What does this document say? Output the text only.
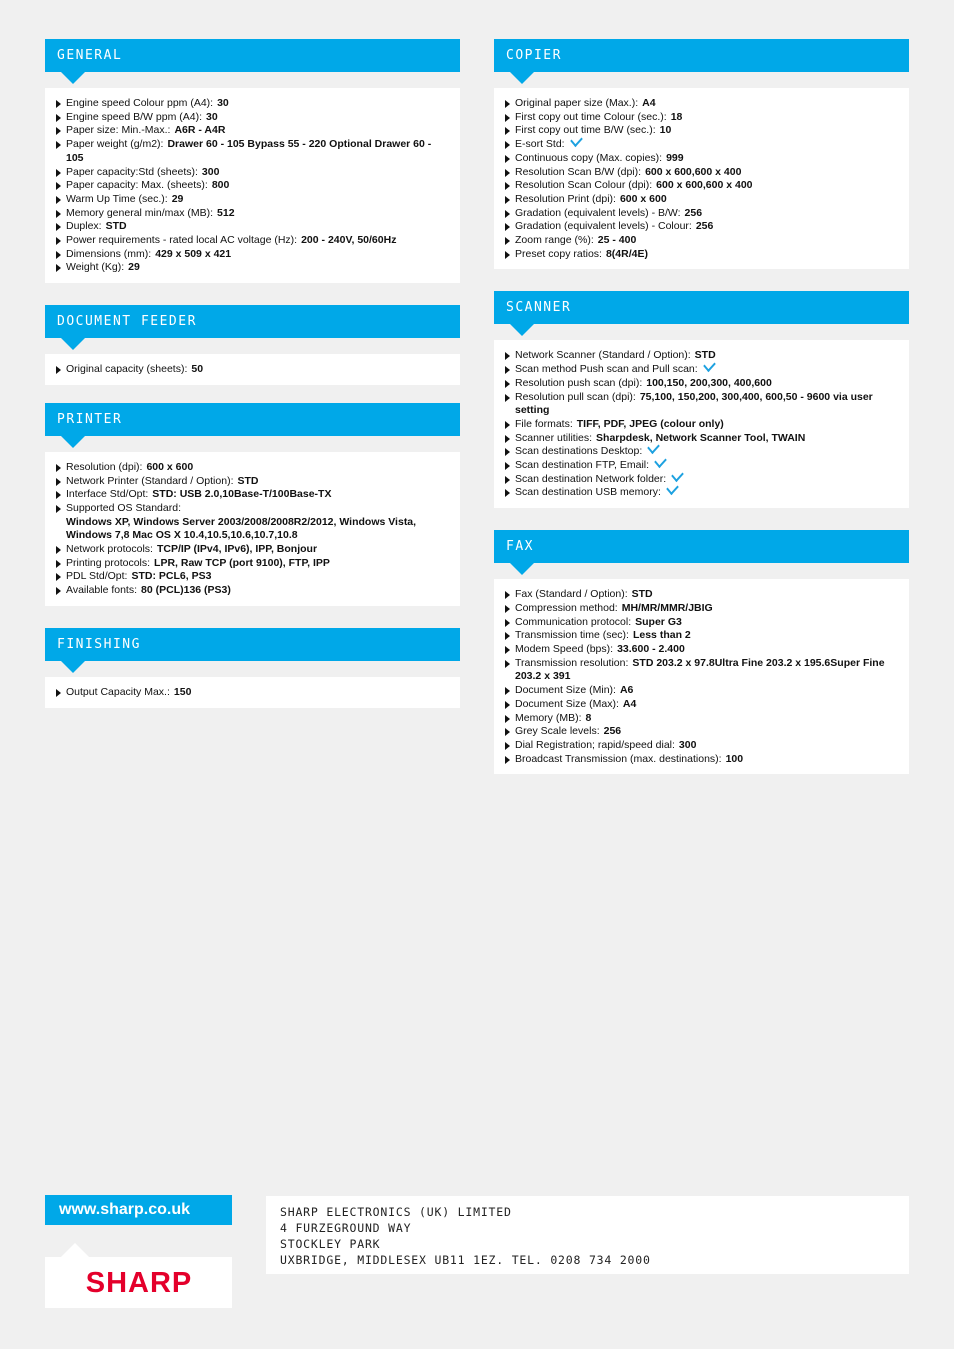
GENERAL
Engine speed Colour ppm (A4): 30
Engine speed B/W ppm (A4): 30
Paper size: Min.-Max.: A6R - A4R
Paper weight (g/m2): Drawer 60 - 105 Bypass 55 - 220 Optional Drawer 60 - 105
Paper capacity:Std (sheets): 300
Paper capacity: Max. (sheets): 800
Warm Up Time (sec.): 29
Memory general min/max (MB): 512
Duplex: STD
Power requirements - rated local AC voltage (Hz): 200 - 240V, 50/60Hz
Dimensions (mm): 429 x 509 x 421
Weight (Kg): 29
DOCUMENT FEEDER
Original capacity (sheets): 50
PRINTER
Resolution (dpi): 600 x 600
Network Printer (Standard / Option): STD
Interface Std/Opt: STD: USB 2.0,10Base-T/100Base-TX
Supported OS Standard:
Windows XP, Windows Server 2003/2008/2008R2/2012, Windows Vista, Windows 7,8 Mac OS X 10.4,10.5,10.6,10.7,10.8
Network protocols: TCP/IP (IPv4, IPv6), IPP, Bonjour
Printing protocols: LPR, Raw TCP (port 9100), FTP, IPP
PDL Std/Opt: STD: PCL6, PS3
Available fonts: 80 (PCL)136 (PS3)
FINISHING
Output Capacity Max.: 150
COPIER
Original paper size (Max.): A4
First copy out time Colour (sec.): 18
First copy out time B/W (sec.): 10
E-sort Std:
Continuous copy (Max. copies): 999
Resolution Scan B/W (dpi): 600 x 600,600 x 400
Resolution Scan Colour (dpi): 600 x 600,600 x 400
Resolution Print (dpi): 600 x 600
Gradation (equivalent levels) - B/W: 256
Gradation (equivalent levels) - Colour: 256
Zoom range (%): 25 - 400
Preset copy ratios: 8(4R/4E)
SCANNER
Network Scanner (Standard / Option): STD
Scan method Push scan and Pull scan:
Resolution push scan (dpi): 100,150, 200,300, 400,600
Resolution pull scan (dpi): 75,100, 150,200, 300,400, 600,50 - 9600 via user setting
File formats: TIFF, PDF, JPEG (colour only)
Scanner utilities: Sharpdesk, Network Scanner Tool, TWAIN
Scan destinations Desktop:
Scan destination FTP, Email:
Scan destination Network folder:
Scan destination USB memory:
FAX
Fax (Standard / Option): STD
Compression method: MH/MR/MMR/JBIG
Communication protocol: Super G3
Transmission time (sec): Less than 2
Modem Speed (bps): 33.600 - 2.400
Transmission resolution: STD 203.2 x 97.8Ultra Fine 203.2 x 195.6Super Fine 203.2 x 391
Document Size (Min): A6
Document Size (Max): A4
Memory (MB): 8
Grey Scale levels: 256
Dial Registration; rapid/speed dial: 300
Broadcast Transmission (max. destinations): 100
www.sharp.co.uk
SHARP
SHARP ELECTRONICS (UK) LIMITED
4 FURZEGROUND WAY
STOCKLEY PARK
UXBRIDGE, MIDDLESEX UB11 1EZ. TEL. 0208 734 2000
